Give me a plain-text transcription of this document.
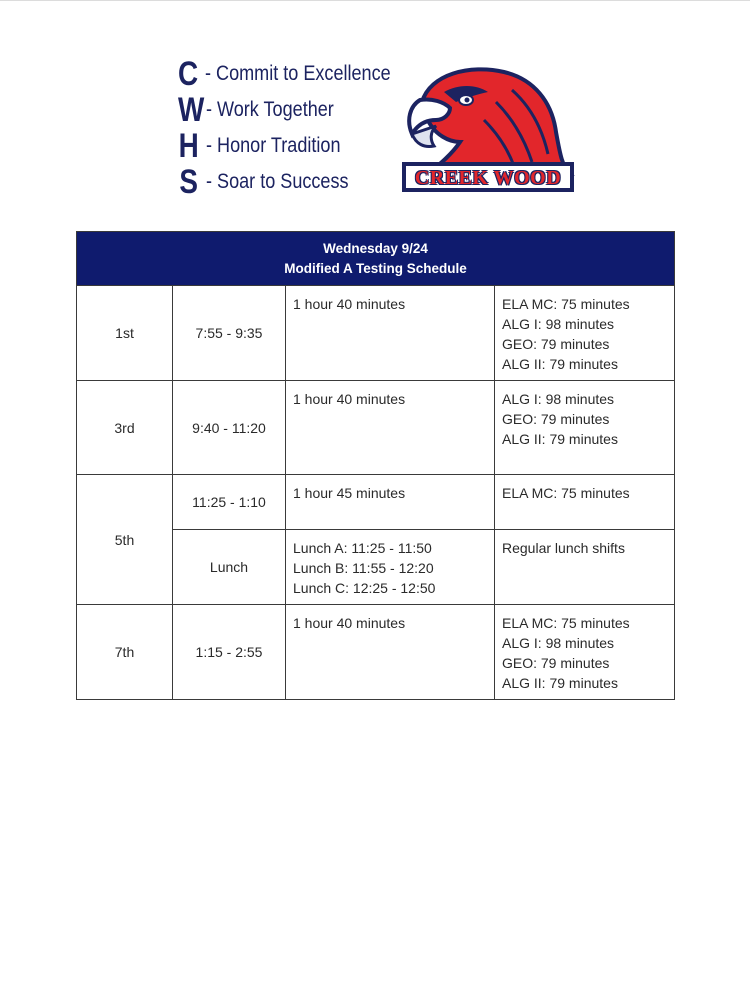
C - Commit to Excellence
W - Work Together
H - Honor Tradition
S - Soar to Success	CREEK WOOD
Wednesday 9/24
Modified A Testing Schedule			

1st	7:55 - 9:35	1 hour 40 minutes	ELA MC: 75 minutes
ALG I: 98 minutes
GEO: 79 minutes
ALG II: 79 minutes

3rd	9:40 - 11:20	1 hour 40 minutes	ALG I: 98 minutes
GEO: 79 minutes
ALG II: 79 minutes

5th	11:25 - 1:10	1 hour 45 minutes	ELA MC: 75 minutes

	Lunch	Lunch A: 11:25 - 11:50
Lunch B: 11:55 - 12:20
Lunch C: 12:25 - 12:50	Regular lunch shifts

7th	1:15 - 2:55	1 hour 40 minutes	ELA MC: 75 minutes
ALG I: 98 minutes
GEO: 79 minutes
ALG II: 79 minutes
